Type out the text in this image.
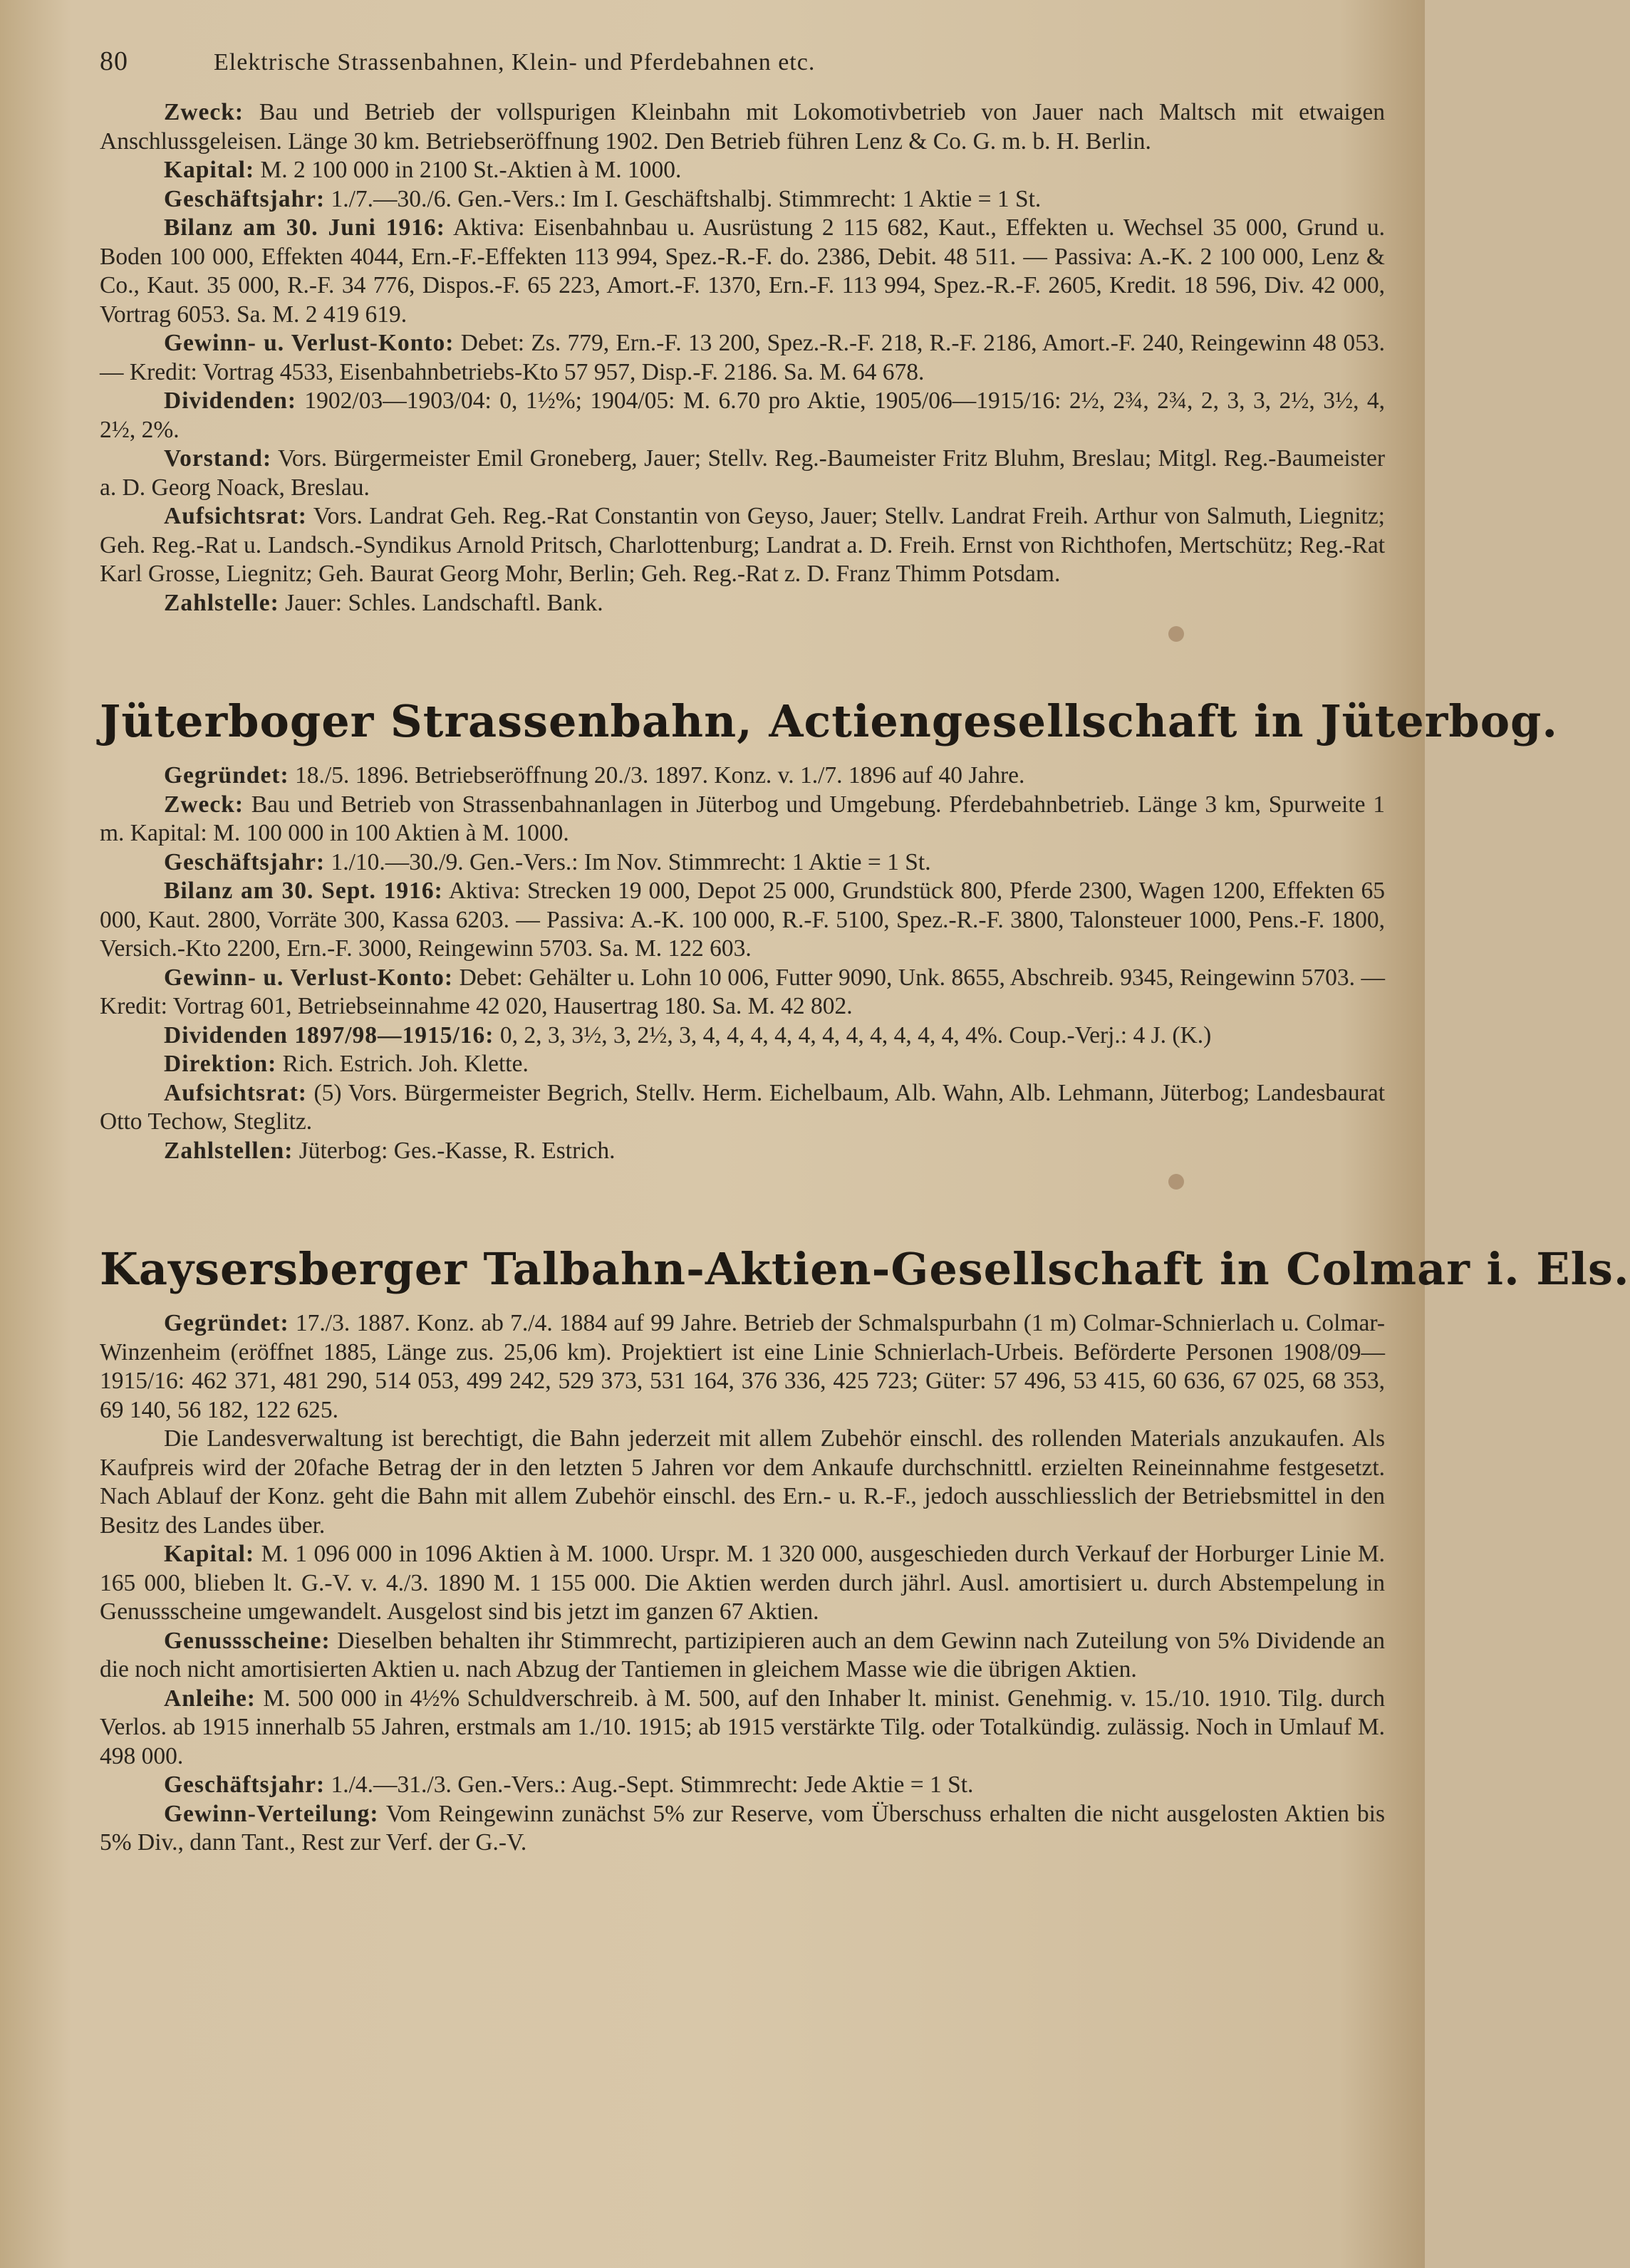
80	Elektrische Strassenbahnen, Klein- und Pferdebahnen etc.

Zweck: Bau und Betrieb der vollspurigen Kleinbahn mit Lokomotivbetrieb von Jauer nach Maltsch mit etwaigen Anschlussgeleisen. Länge 30 km. Betriebseröffnung 1902. Den Betrieb führen Lenz & Co. G. m. b. H. Berlin.

Kapital: M. 2 100 000 in 2100 St.-Aktien à M. 1000.

Geschäftsjahr: 1./7.—30./6. Gen.-Vers.: Im I. Geschäftshalbj. Stimmrecht: 1 Aktie = 1 St.

Bilanz am 30. Juni 1916: Aktiva: Eisenbahnbau u. Ausrüstung 2 115 682, Kaut., Effekten u. Wechsel 35 000, Grund u. Boden 100 000, Effekten 4044, Ern.-F.-Effekten 113 994, Spez.-R.-F. do. 2386, Debit. 48 511. — Passiva: A.-K. 2 100 000, Lenz & Co., Kaut. 35 000, R.-F. 34 776, Dispos.-F. 65 223, Amort.-F. 1370, Ern.-F. 113 994, Spez.-R.-F. 2605, Kredit. 18 596, Div. 42 000, Vortrag 6053. Sa. M. 2 419 619.

Gewinn- u. Verlust-Konto: Debet: Zs. 779, Ern.-F. 13 200, Spez.-R.-F. 218, R.-F. 2186, Amort.-F. 240, Reingewinn 48 053. — Kredit: Vortrag 4533, Eisenbahnbetriebs-Kto 57 957, Disp.-F. 2186. Sa. M. 64 678.

Dividenden: 1902/03—1903/04: 0, 1½%; 1904/05: M. 6.70 pro Aktie, 1905/06—1915/16: 2½, 2¾, 2¾, 2, 3, 3, 2½, 3½, 4, 2½, 2%.

Vorstand: Vors. Bürgermeister Emil Groneberg, Jauer; Stellv. Reg.-Baumeister Fritz Bluhm, Breslau; Mitgl. Reg.-Baumeister a. D. Georg Noack, Breslau.

Aufsichtsrat: Vors. Landrat Geh. Reg.-Rat Constantin von Geyso, Jauer; Stellv. Landrat Freih. Arthur von Salmuth, Liegnitz; Geh. Reg.-Rat u. Landsch.-Syndikus Arnold Pritsch, Charlottenburg; Landrat a. D. Freih. Ernst von Richthofen, Mertschütz; Reg.-Rat Karl Grosse, Liegnitz; Geh. Baurat Georg Mohr, Berlin; Geh. Reg.-Rat z. D. Franz Thimm Potsdam.

Zahlstelle: Jauer: Schles. Landschaftl. Bank.

Jüterboger Strassenbahn, Actiengesellschaft in Jüterbog.

Gegründet: 18./5. 1896. Betriebseröffnung 20./3. 1897. Konz. v. 1./7. 1896 auf 40 Jahre.

Zweck: Bau und Betrieb von Strassenbahnanlagen in Jüterbog und Umgebung. Pferdebahnbetrieb. Länge 3 km, Spurweite 1 m. Kapital: M. 100 000 in 100 Aktien à M. 1000.

Geschäftsjahr: 1./10.—30./9. Gen.-Vers.: Im Nov. Stimmrecht: 1 Aktie = 1 St.

Bilanz am 30. Sept. 1916: Aktiva: Strecken 19 000, Depot 25 000, Grundstück 800, Pferde 2300, Wagen 1200, Effekten 65 000, Kaut. 2800, Vorräte 300, Kassa 6203. — Passiva: A.-K. 100 000, R.-F. 5100, Spez.-R.-F. 3800, Talonsteuer 1000, Pens.-F. 1800, Versich.-Kto 2200, Ern.-F. 3000, Reingewinn 5703. Sa. M. 122 603.

Gewinn- u. Verlust-Konto: Debet: Gehälter u. Lohn 10 006, Futter 9090, Unk. 8655, Abschreib. 9345, Reingewinn 5703. — Kredit: Vortrag 601, Betriebseinnahme 42 020, Hausertrag 180. Sa. M. 42 802.

Dividenden 1897/98—1915/16: 0, 2, 3, 3½, 3, 2½, 3, 4, 4, 4, 4, 4, 4, 4, 4, 4, 4, 4, 4%. Coup.-Verj.: 4 J. (K.)

Direktion: Rich. Estrich. Joh. Klette.

Aufsichtsrat: (5) Vors. Bürgermeister Begrich, Stellv. Herm. Eichelbaum, Alb. Wahn, Alb. Lehmann, Jüterbog; Landesbaurat Otto Techow, Steglitz.

Zahlstellen: Jüterbog: Ges.-Kasse, R. Estrich.

Kaysersberger Talbahn-Aktien-Gesellschaft in Colmar i. Els.

Gegründet: 17./3. 1887. Konz. ab 7./4. 1884 auf 99 Jahre. Betrieb der Schmalspurbahn (1 m) Colmar-Schnierlach u. Colmar-Winzenheim (eröffnet 1885, Länge zus. 25,06 km). Projektiert ist eine Linie Schnierlach-Urbeis. Beförderte Personen 1908/09—1915/16: 462 371, 481 290, 514 053, 499 242, 529 373, 531 164, 376 336, 425 723; Güter: 57 496, 53 415, 60 636, 67 025, 68 353, 69 140, 56 182, 122 625.

Die Landesverwaltung ist berechtigt, die Bahn jederzeit mit allem Zubehör einschl. des rollenden Materials anzukaufen. Als Kaufpreis wird der 20fache Betrag der in den letzten 5 Jahren vor dem Ankaufe durchschnittl. erzielten Reineinnahme festgesetzt. Nach Ablauf der Konz. geht die Bahn mit allem Zubehör einschl. des Ern.- u. R.-F., jedoch ausschliesslich der Betriebsmittel in den Besitz des Landes über.

Kapital: M. 1 096 000 in 1096 Aktien à M. 1000. Urspr. M. 1 320 000, ausgeschieden durch Verkauf der Horburger Linie M. 165 000, blieben lt. G.-V. v. 4./3. 1890 M. 1 155 000. Die Aktien werden durch jährl. Ausl. amortisiert u. durch Abstempelung in Genussscheine umgewandelt. Ausgelost sind bis jetzt im ganzen 67 Aktien.

Genussscheine: Dieselben behalten ihr Stimmrecht, partizipieren auch an dem Gewinn nach Zuteilung von 5% Dividende an die noch nicht amortisierten Aktien u. nach Abzug der Tantiemen in gleichem Masse wie die übrigen Aktien.

Anleihe: M. 500 000 in 4½% Schuldverschreib. à M. 500, auf den Inhaber lt. minist. Genehmig. v. 15./10. 1910. Tilg. durch Verlos. ab 1915 innerhalb 55 Jahren, erstmals am 1./10. 1915; ab 1915 verstärkte Tilg. oder Totalkündig. zulässig. Noch in Umlauf M. 498 000.

Geschäftsjahr: 1./4.—31./3. Gen.-Vers.: Aug.-Sept. Stimmrecht: Jede Aktie = 1 St.

Gewinn-Verteilung: Vom Reingewinn zunächst 5% zur Reserve, vom Überschuss erhalten die nicht ausgelosten Aktien bis 5% Div., dann Tant., Rest zur Verf. der G.-V.
